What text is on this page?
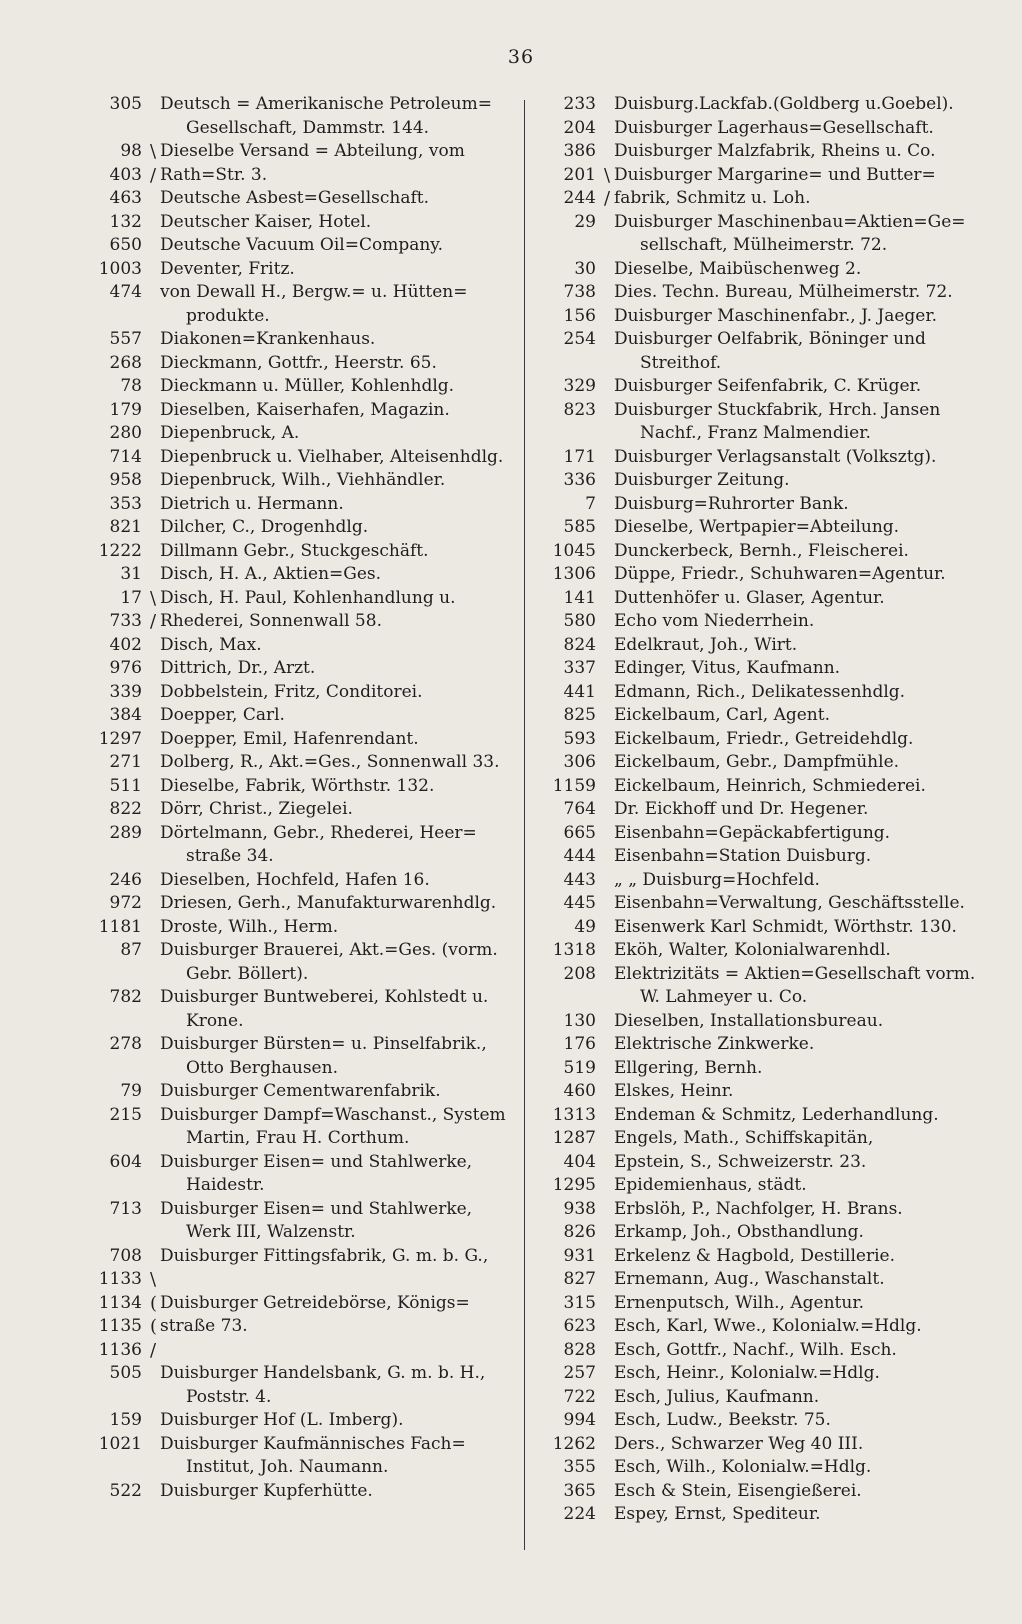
36
305	Deutsch = Amerikanische Petroleum=
Gesellschaft, Dammstr. 144.
98 \ Dieselbe Versand = Abteilung, vom
403 / Rath=Str. 3.
463	Deutsche Asbest=Gesellschaft.
132	Deutscher Kaiser, Hotel.
650	Deutsche Vacuum Oil=Company.
1003	Deventer, Fritz.
474	von Dewall H., Bergw.= u. Hütten=
produkte.
557	Diakonen=Krankenhaus.
268	Dieckmann, Gottfr., Heerstr. 65.
78	Dieckmann u. Müller, Kohlenhdlg.
179	Dieselben, Kaiserhafen, Magazin.
280	Diepenbruck, A.
714	Diepenbruck u. Vielhaber, Alteisenhdlg.
958	Diepenbruck, Wilh., Viehhändler.
353	Dietrich u. Hermann.
821	Dilcher, C., Drogenhdlg.
1222	Dillmann Gebr., Stuckgeschäft.
31	Disch, H. A., Aktien=Ges.
17 \ Disch, H. Paul, Kohlenhandlung u.
733 / Rhederei, Sonnenwall 58.
402	Disch, Max.
976	Dittrich, Dr., Arzt.
339	Dobbelstein, Fritz, Conditorei.
384	Doepper, Carl.
1297	Doepper, Emil, Hafenrendant.
271	Dolberg, R., Akt.=Ges., Sonnenwall 33.
511	Dieselbe, Fabrik, Wörthstr. 132.
822	Dörr, Christ., Ziegelei.
289	Dörtelmann, Gebr., Rhederei, Heer=
straße 34.
246	Dieselben, Hochfeld, Hafen 16.
972	Driesen, Gerh., Manufakturwarenhdlg.
1181	Droste, Wilh., Herm.
87	Duisburger Brauerei, Akt.=Ges. (vorm.
Gebr. Böllert).
782	Duisburger Buntweberei, Kohlstedt u.
Krone.
278	Duisburger Bürsten= u. Pinselfabrik.,
Otto Berghausen.
79	Duisburger Cementwarenfabrik.
215	Duisburger Dampf=Waschanst., System
Martin, Frau H. Corthum.
604	Duisburger Eisen= und Stahlwerke,
Haidestr.
713	Duisburger Eisen= und Stahlwerke,
Werk III, Walzenstr.
708	Duisburger Fittingsfabrik, G. m. b. G.,
1133 \
1134 ( Duisburger Getreidebörse, Königs=
1135 ( straße 73.
1136 /
505	Duisburger Handelsbank, G. m. b. H.,
Poststr. 4.
159	Duisburger Hof (L. Imberg).
1021	Duisburger Kaufmännisches Fach=
Institut, Joh. Naumann.
522	Duisburger Kupferhütte.
233	Duisburg.Lackfab.(Goldberg u.Goebel).
204	Duisburger Lagerhaus=Gesellschaft.
386	Duisburger Malzfabrik, Rheins u. Co.
201 \ Duisburger Margarine= und Butter=
244 / fabrik, Schmitz u. Loh.
29	Duisburger Maschinenbau=Aktien=Ge=
sellschaft, Mülheimerstr. 72.
30	Dieselbe, Maibüschenweg 2.
738	Dies. Techn. Bureau, Mülheimerstr. 72.
156	Duisburger Maschinenfabr., J. Jaeger.
254	Duisburger Oelfabrik, Böninger und
Streithof.
329	Duisburger Seifenfabrik, C. Krüger.
823	Duisburger Stuckfabrik, Hrch. Jansen
Nachf., Franz Malmendier.
171	Duisburger Verlagsanstalt (Volksztg).
336	Duisburger Zeitung.
7	Duisburg=Ruhrorter Bank.
585	Dieselbe, Wertpapier=Abteilung.
1045	Dunckerbeck, Bernh., Fleischerei.
1306	Düppe, Friedr., Schuhwaren=Agentur.
141	Duttenhöfer u. Glaser, Agentur.
580	Echo vom Niederrhein.
824	Edelkraut, Joh., Wirt.
337	Edinger, Vitus, Kaufmann.
441	Edmann, Rich., Delikatessenhdlg.
825	Eickelbaum, Carl, Agent.
593	Eickelbaum, Friedr., Getreidehdlg.
306	Eickelbaum, Gebr., Dampfmühle.
1159	Eickelbaum, Heinrich, Schmiederei.
764	Dr. Eickhoff und Dr. Hegener.
665	Eisenbahn=Gepäckabfertigung.
444	Eisenbahn=Station Duisburg.
443	„ „ Duisburg=Hochfeld.
445	Eisenbahn=Verwaltung, Geschäftsstelle.
49	Eisenwerk Karl Schmidt, Wörthstr. 130.
1318	Eköh, Walter, Kolonialwarenhdl.
208	Elektrizitäts = Aktien=Gesellschaft vorm.
W. Lahmeyer u. Co.
130	Dieselben, Installationsbureau.
176	Elektrische Zinkwerke.
519	Ellgering, Bernh.
460	Elskes, Heinr.
1313	Endeman & Schmitz, Lederhandlung.
1287	Engels, Math., Schiffskapitän,
404	Epstein, S., Schweizerstr. 23.
1295	Epidemienhaus, städt.
938	Erbslöh, P., Nachfolger, H. Brans.
826	Erkamp, Joh., Obsthandlung.
931	Erkelenz & Hagbold, Destillerie.
827	Ernemann, Aug., Waschanstalt.
315	Ernenputsch, Wilh., Agentur.
623	Esch, Karl, Wwe., Kolonialw.=Hdlg.
828	Esch, Gottfr., Nachf., Wilh. Esch.
257	Esch, Heinr., Kolonialw.=Hdlg.
722	Esch, Julius, Kaufmann.
994	Esch, Ludw., Beekstr. 75.
1262	Ders., Schwarzer Weg 40 III.
355	Esch, Wilh., Kolonialw.=Hdlg.
365	Esch & Stein, Eisengießerei.
224	Espey, Ernst, Spediteur.
